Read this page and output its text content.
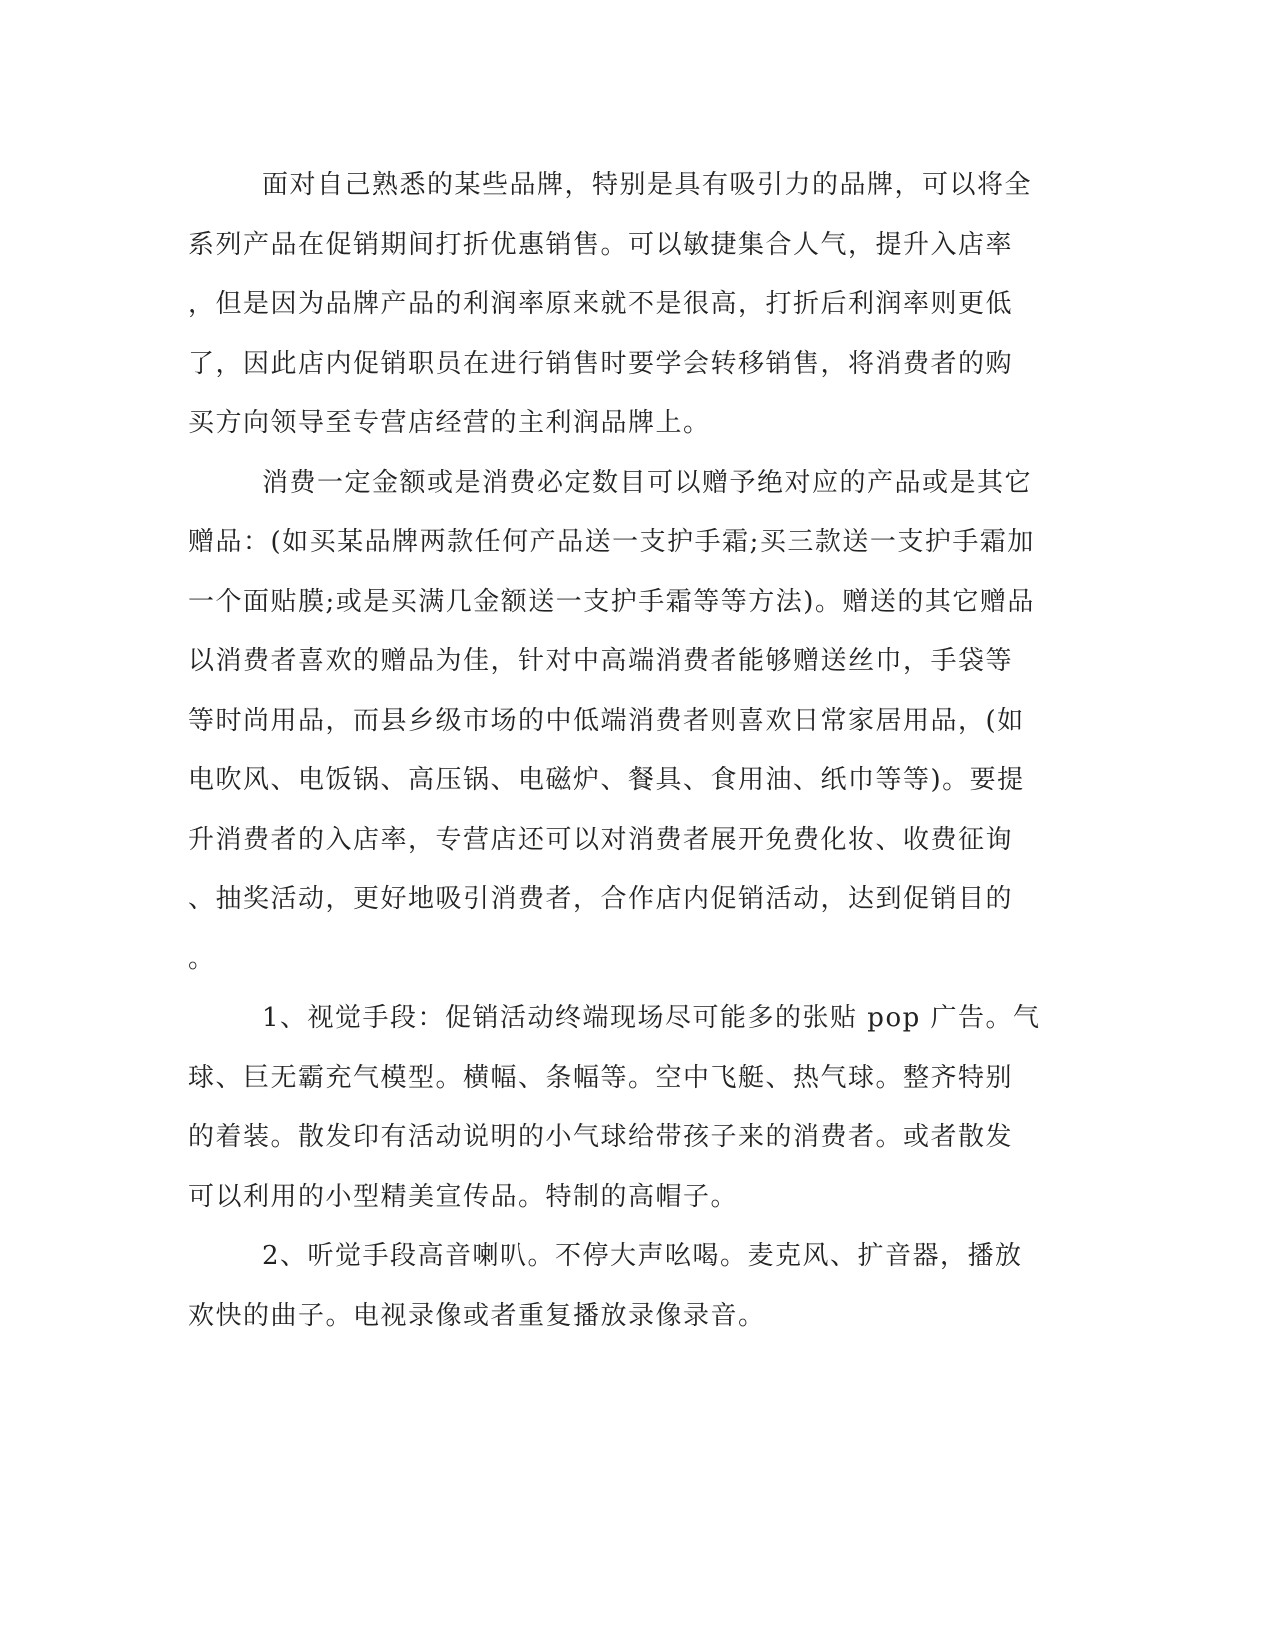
面对自己熟悉的某些品牌，特别是具有吸引力的品牌，可以将全
系列产品在促销期间打折优惠销售。可以敏捷集合人气，提升入店率
，但是因为品牌产品的利润率原来就不是很高，打折后利润率则更低
了，因此店内促销职员在进行销售时要学会转移销售，将消费者的购
买方向领导至专营店经营的主利润品牌上。
消费一定金额或是消费必定数目可以赠予绝对应的产品或是其它
赠品：(如买某品牌两款任何产品送一支护手霜;买三款送一支护手霜加
一个面贴膜;或是买满几金额送一支护手霜等等方法)。赠送的其它赠品
以消费者喜欢的赠品为佳，针对中高端消费者能够赠送丝巾，手袋等
等时尚用品，而县乡级市场的中低端消费者则喜欢日常家居用品，(如
电吹风、电饭锅、高压锅、电磁炉、餐具、食用油、纸巾等等)。要提
升消费者的入店率，专营店还可以对消费者展开免费化妆、收费征询
、抽奖活动，更好地吸引消费者，合作店内促销活动，达到促销目的
。
1、视觉手段：促销活动终端现场尽可能多的张贴 pop 广告。气
球、巨无霸充气模型。横幅、条幅等。空中飞艇、热气球。整齐特别
的着装。散发印有活动说明的小气球给带孩子来的消费者。或者散发
可以利用的小型精美宣传品。特制的高帽子。
2、听觉手段高音喇叭。不停大声吆喝。麦克风、扩音器，播放
欢快的曲子。电视录像或者重复播放录像录音。
